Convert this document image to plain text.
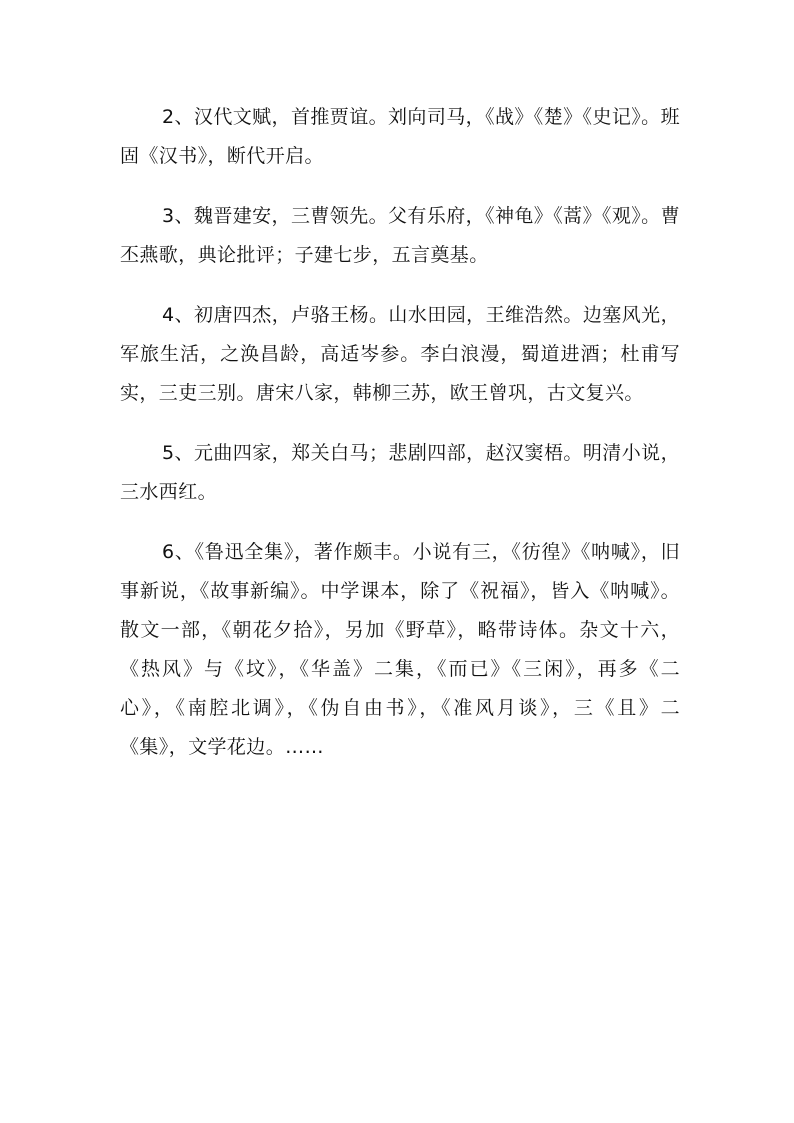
2、汉代文赋，首推贾谊。刘向司马，《战》《楚》《史记》。班固《汉书》，断代开启。

3、魏晋建安，三曹领先。父有乐府，《神龟》《蒿》《观》。曹丕燕歌，典论批评；子建七步，五言奠基。

4、初唐四杰，卢骆王杨。山水田园，王维浩然。边塞风光，军旅生活，之涣昌龄，高适岑参。李白浪漫，蜀道进酒；杜甫写实，三吏三别。唐宋八家，韩柳三苏，欧王曾巩，古文复兴。

5、元曲四家，郑关白马；悲剧四部，赵汉窦梧。明清小说，三水西红。

6、《鲁迅全集》，著作颇丰。小说有三，《彷徨》《呐喊》，旧事新说，《故事新编》。中学课本，除了《祝福》，皆入《呐喊》。散文一部，《朝花夕拾》，另加《野草》，略带诗体。杂文十六，《热风》与《坟》，《华盖》二集，《而已》《三闲》，再多《二心》，《南腔北调》，《伪自由书》，《准风月谈》，三《且》二《集》，文学花边。……
